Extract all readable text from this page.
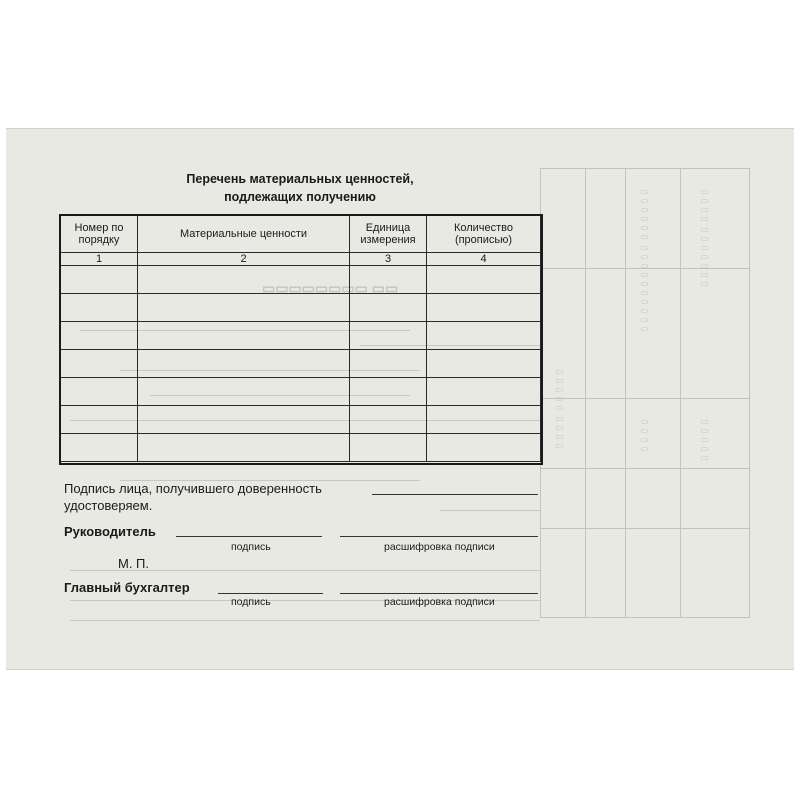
▭▭▭▭▭▭▭▭ ▭▭
▭▭▭▭ ▭▭▭▭▭
▭▭▭▭▭▭▭▭▭▭ ▭▭▭▭▭▭	▭▭▭▭▭▭▭ ▭▭▭▭
▭▭▭▭	▭▭▭▭▭
Перечень материальных ценностей,
подлежащих получению
Номер по порядку	Материальные ценности	Единица измерения	Количество (прописью)
1	2	3	4

Подпись лица, получившего доверенность
удостоверяем.
Руководитель
подпись	расшифровка подписи
М. П.
Главный бухгалтер
подпись	расшифровка подписи
